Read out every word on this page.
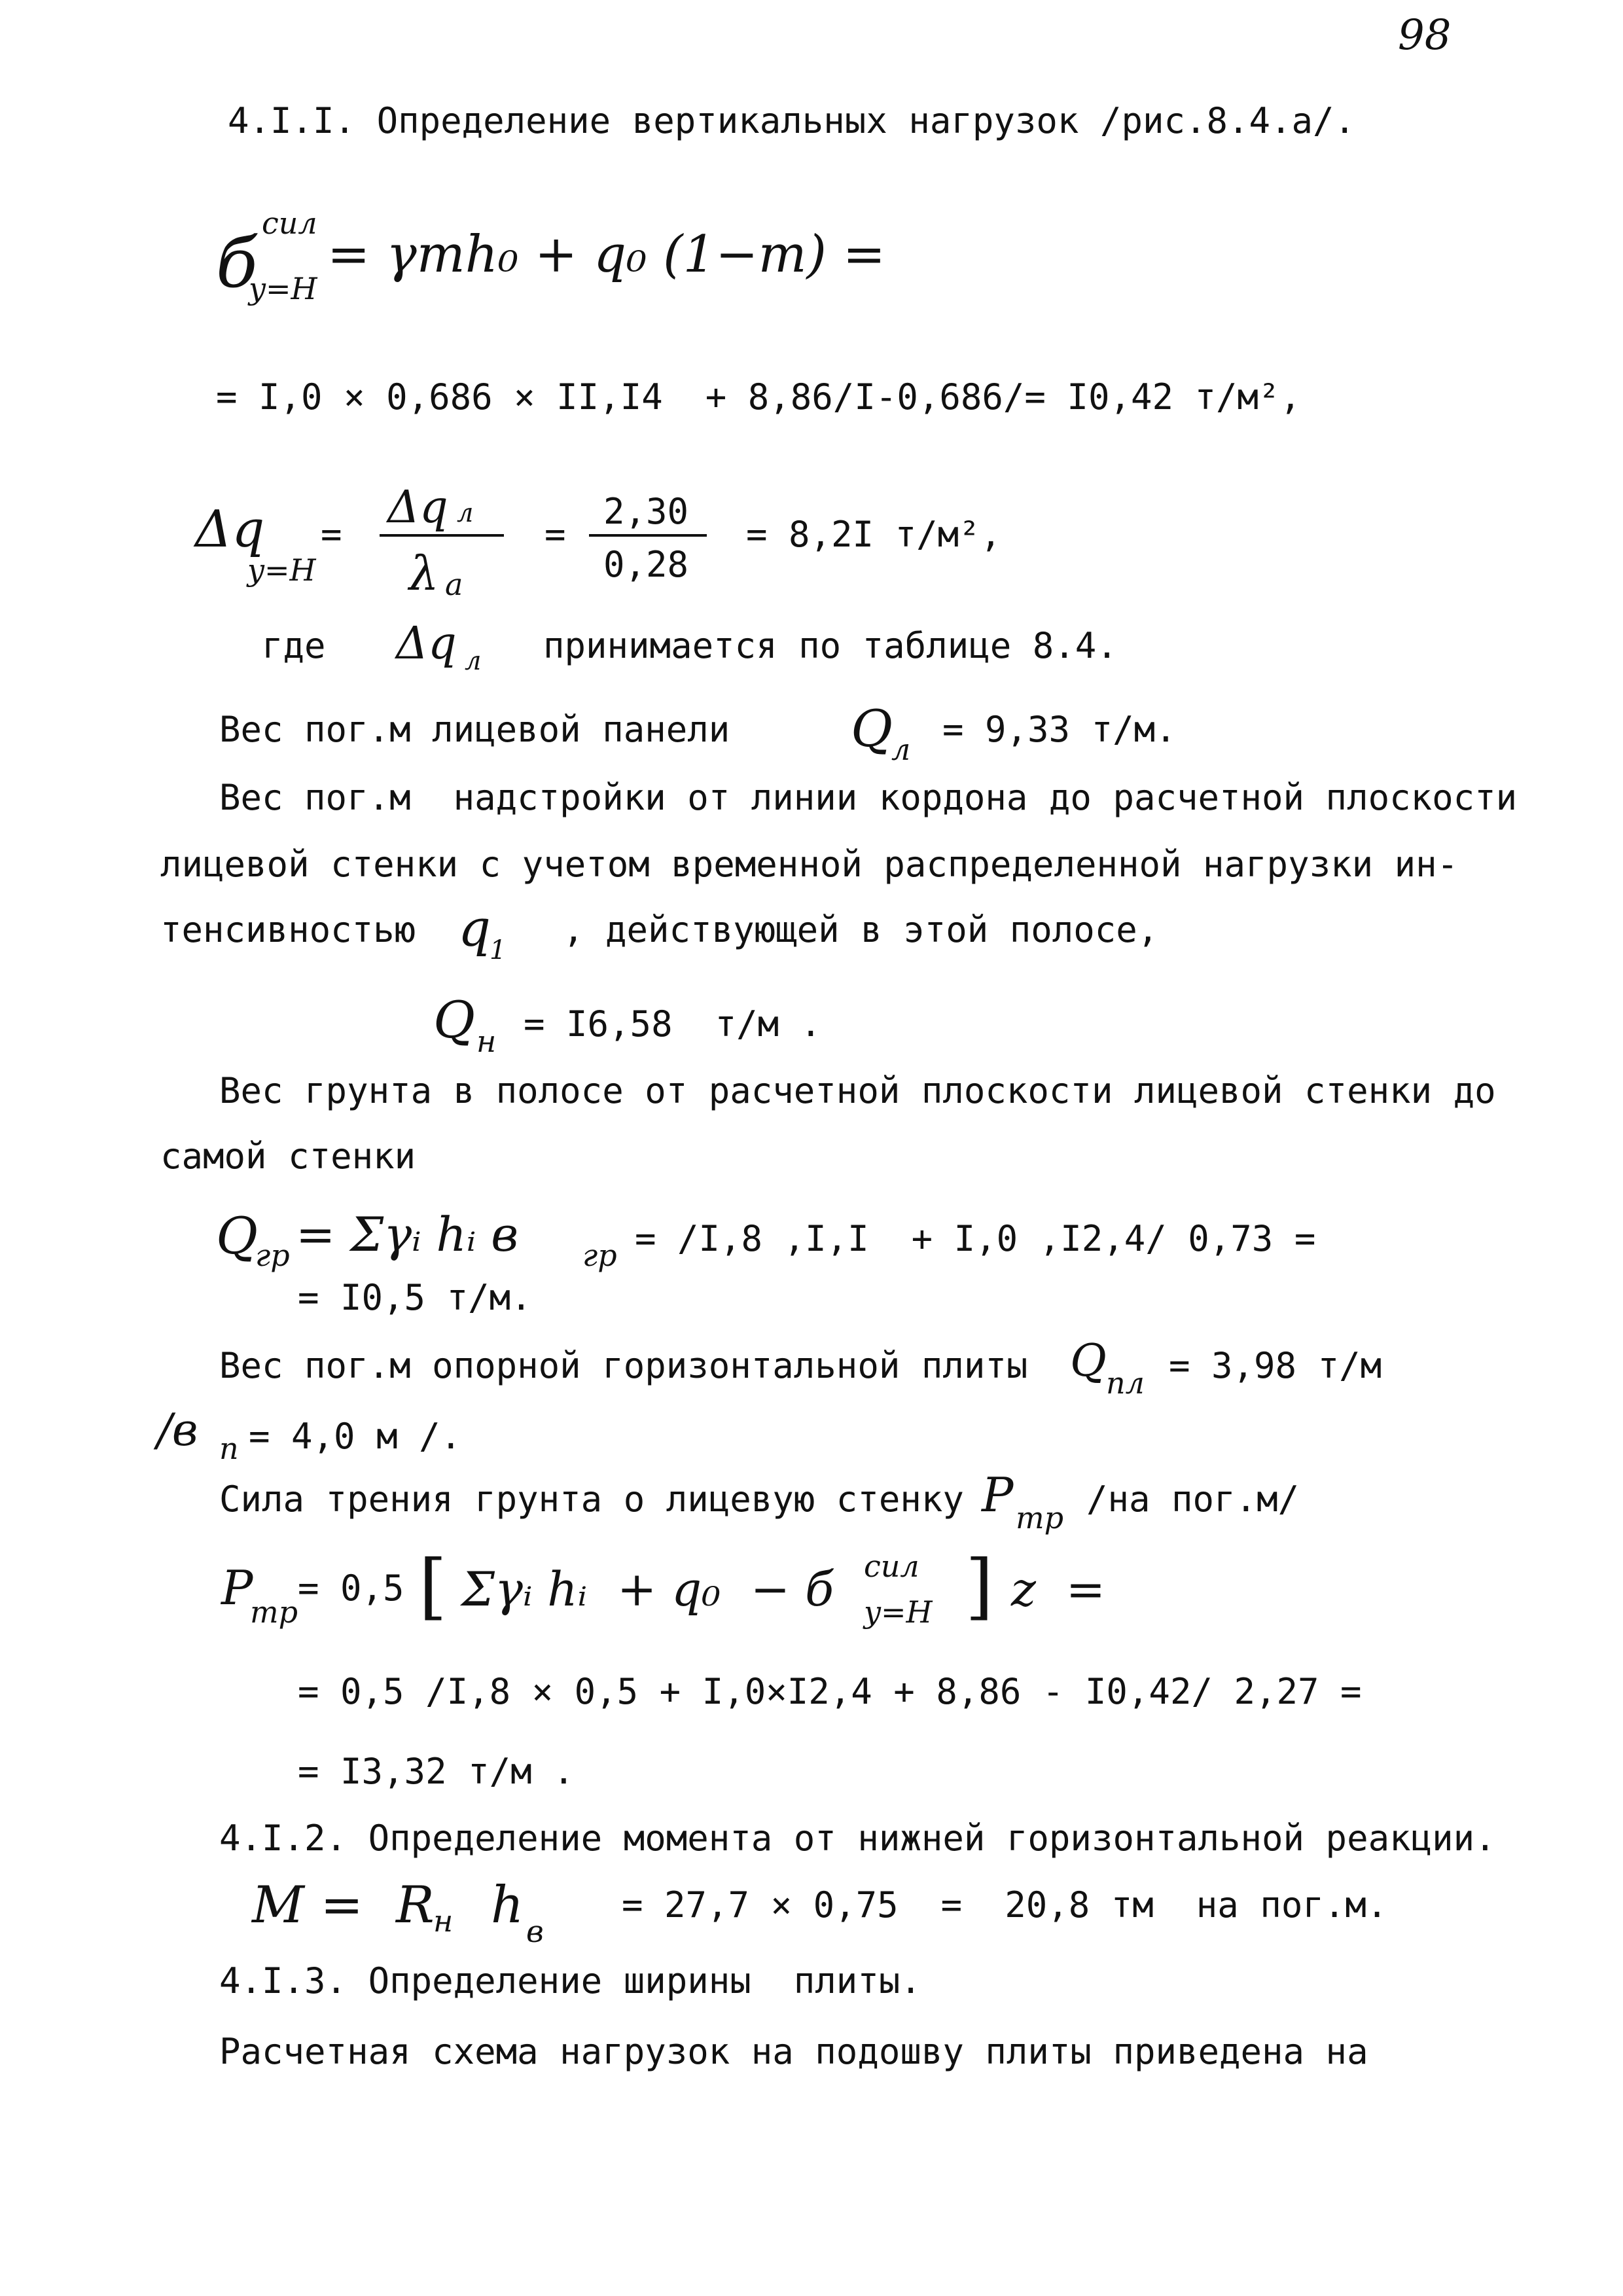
98
4.I.I. Определение вертикальных нагрузок /рис.8.4.а/.
б сил
y=H
= γmh₀ + q₀ (1−m) =
= I,0 × 0,686 × II,I4  + 8,86/I-0,686/= I0,42 т/м²,
Δq
y=H
=
Δq л
λ a
=
2,30
0,28
= 8,2I т/м²,
где Δq л принимается по таблице 8.4.
Вес пог.м лицевой панели Q
л = 9,33 т/м.
Вес пог.м  надстройки от линии кордона до расчетной плоскости
лицевой стенки с учетом временной распределенной нагрузки ин-
тенсивностью q
1 , действующей в этой полосе,
Q н = I6,58  т/м .
Вес грунта в полосе от расчетной плоскости лицевой стенки до
самой стенки
Q
гр = Σγᵢ hᵢ в гр = /I,8 ,I,I  + I,0 ,I2,4/ 0,73 =
= I0,5 т/м.
Вес пог.м опорной горизонтальной плиты Q пл = 3,98 т/м
/в п = 4,0 м /.
Сила трения грунта о лицевую стенку P тр /на пог.м/
P
тр
= 0,5 [ Σγᵢ hᵢ  + q₀  − б сил
y=H ] z  =
= 0,5 /I,8 × 0,5 + I,0×I2,4 + 8,86 - I0,42/ 2,27 =
= I3,32 т/м .
4.I.2. Определение момента от нижней горизонтальной реакции.
M = R
н h в
= 27,7 × 0,75  =  20,8 тм  на пог.м.
4.I.3. Определение ширины  плиты.
Расчетная схема нагрузок на подошву плиты приведена на
